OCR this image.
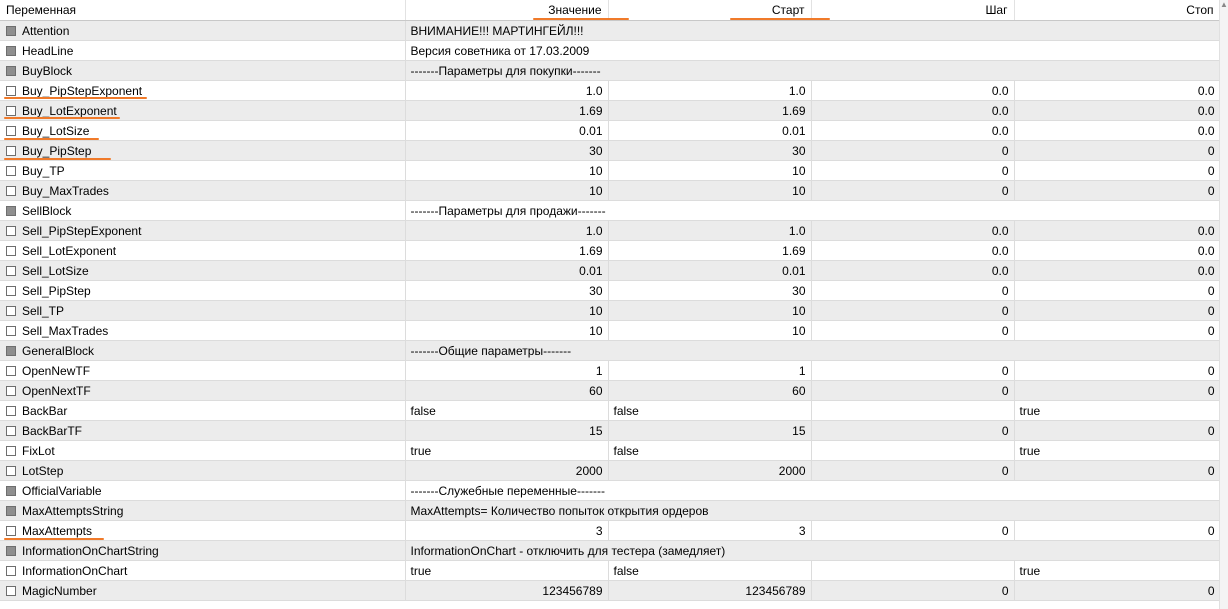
Переменная	Значение	Старт	Шаг	Стоп
Attention	ВНИМАНИЕ!!! МАРТИНГЕЙЛ!!!			
HeadLine	Версия советника от 17.03.2009			
BuyBlock	-------Параметры для покупки-------			
Buy_PipStepExponent	1.0	1.0	0.0	0.0
Buy_LotExponent	1.69	1.69	0.0	0.0
Buy_LotSize	0.01	0.01	0.0	0.0
Buy_PipStep	30	30	0	0
Buy_TP	10	10	0	0
Buy_MaxTrades	10	10	0	0
SellBlock	-------Параметры для продажи-------			
Sell_PipStepExponent	1.0	1.0	0.0	0.0
Sell_LotExponent	1.69	1.69	0.0	0.0
Sell_LotSize	0.01	0.01	0.0	0.0
Sell_PipStep	30	30	0	0
Sell_TP	10	10	0	0
Sell_MaxTrades	10	10	0	0
GeneralBlock	-------Общие параметры-------			
OpenNewTF	1	1	0	0
OpenNextTF	60	60	0	0
BackBar	false	false		true
BackBarTF	15	15	0	0
FixLot	true	false		true
LotStep	2000	2000	0	0
OfficialVariable	-------Служебные перемeнные-------			
MaxAttemptsString	MaxAttempts= Количество попыток открытия ордеров			
MaxAttempts	3	3	0	0
InformationOnChartString	InformationOnChart - отключить для тестера (замедляет)			
InformationOnChart	true	false		true
MagicNumber	123456789	123456789	0	0
▲
